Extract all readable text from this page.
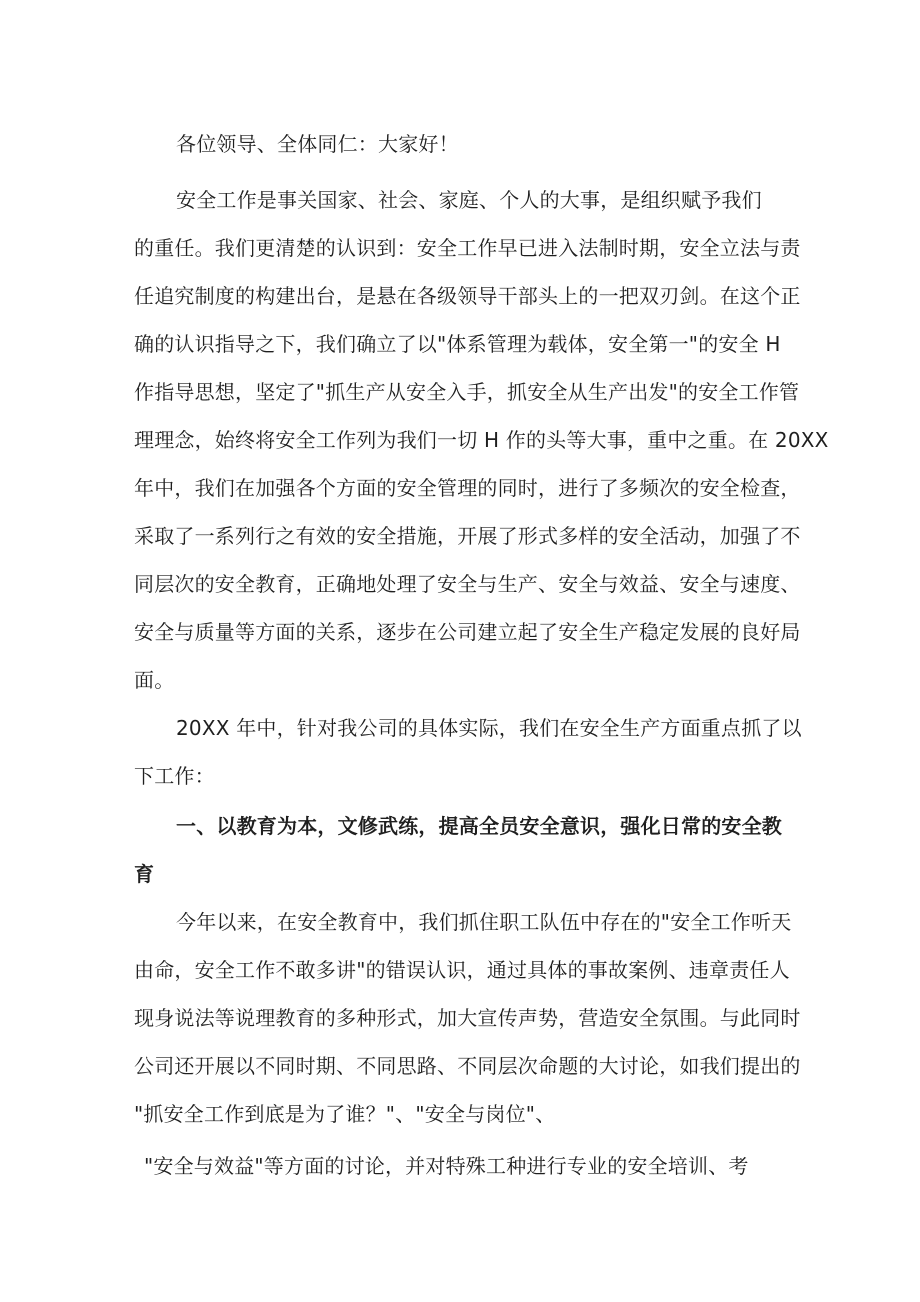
各位领导、全体同仁：大家好！
安全工作是事关国家、社会、家庭、个人的大事，是组织赋予我们
的重任。我们更清楚的认识到：安全工作早已进入法制时期，安全立法与责
任追究制度的构建出台，是悬在各级领导干部头上的一把双刃剑。在这个正
确的认识指导之下，我们确立了以"体系管理为载体，安全第一"的安全 H
作指导思想，坚定了"抓生产从安全入手，抓安全从生产出发"的安全工作管
理理念，始终将安全工作列为我们一切 H 作的头等大事，重中之重。在 20XX
年中，我们在加强各个方面的安全管理的同时，进行了多频次的安全检查，
采取了一系列行之有效的安全措施，开展了形式多样的安全活动，加强了不
同层次的安全教育，正确地处理了安全与生产、安全与效益、安全与速度、
安全与质量等方面的关系，逐步在公司建立起了安全生产稳定发展的良好局
面。
20XX 年中，针对我公司的具体实际，我们在安全生产方面重点抓了以
下工作：
一、以教育为本，文修武练，提高全员安全意识，强化日常的安全教
育
今年以来，在安全教育中，我们抓住职工队伍中存在的"安全工作听天
由命，安全工作不敢多讲"的错误认识，通过具体的事故案例、违章责任人
现身说法等说理教育的多种形式，加大宣传声势，营造安全氛围。与此同时
公司还开展以不同时期、不同思路、不同层次命题的大讨论，如我们提出的
"抓安全工作到底是为了谁？"、"安全与岗位"、
"安全与效益"等方面的讨论，并对特殊工种进行专业的安全培训、考
